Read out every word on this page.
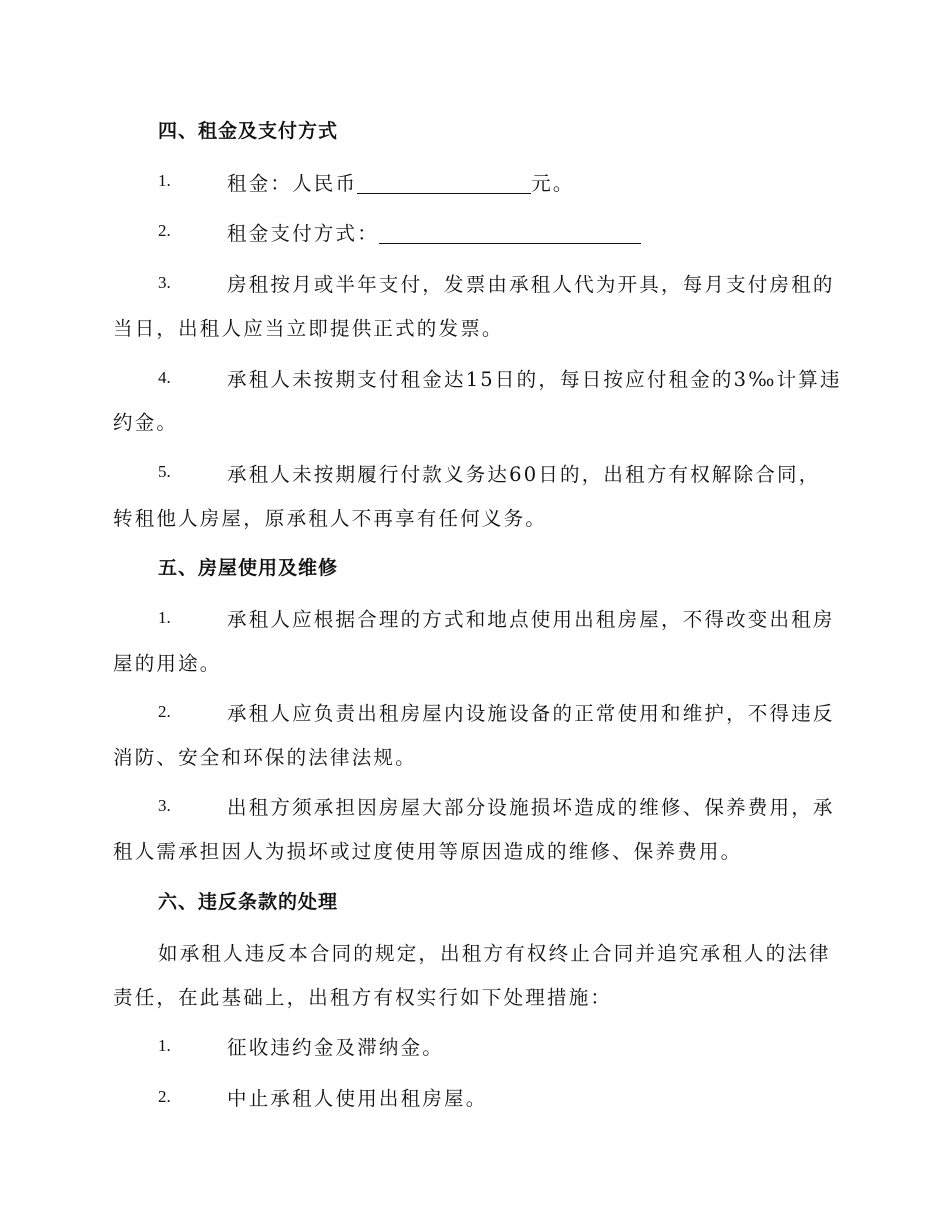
四、租金及支付方式
1.	租金：人民币	元。
2.	租金支付方式：
3.	房租按月或半年支付，发票由承租人代为开具，每月支付房租的
当日，出租人应当立即提供正式的发票。
4.	承租人未按期支付租金达15日的，每日按应付租金的3‰计算违
约金。
5.	承租人未按期履行付款义务达60日的，出租方有权解除合同，
转租他人房屋，原承租人不再享有任何义务。
五、房屋使用及维修
1.	承租人应根据合理的方式和地点使用出租房屋，不得改变出租房
屋的用途。
2.	承租人应负责出租房屋内设施设备的正常使用和维护，不得违反
消防、安全和环保的法律法规。
3.	出租方须承担因房屋大部分设施损坏造成的维修、保养费用，承
租人需承担因人为损坏或过度使用等原因造成的维修、保养费用。
六、违反条款的处理
如承租人违反本合同的规定，出租方有权终止合同并追究承租人的法律
责任，在此基础上，出租方有权实行如下处理措施：
1.	征收违约金及滞纳金。
2.	中止承租人使用出租房屋。
